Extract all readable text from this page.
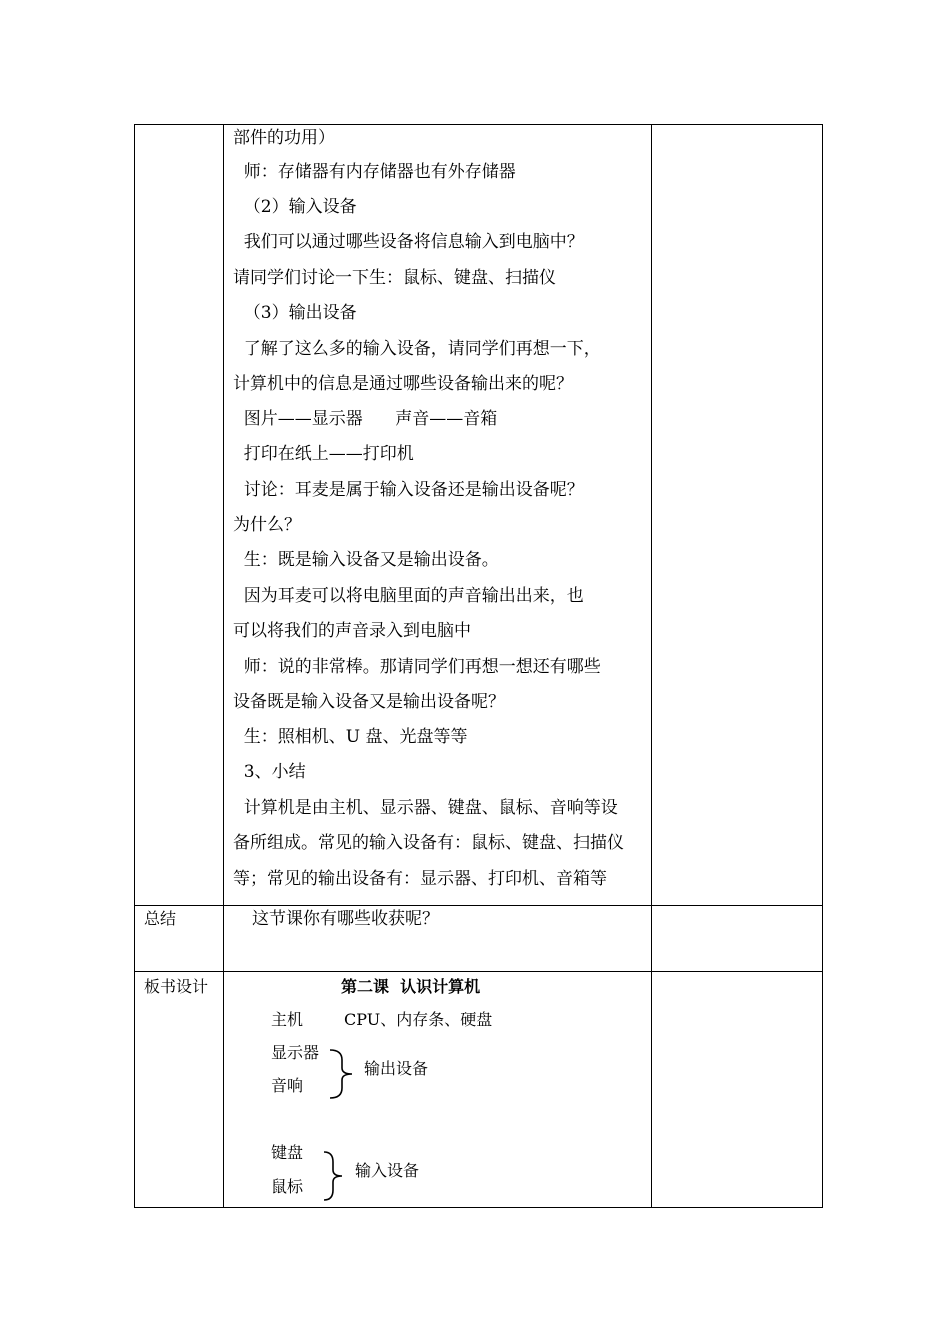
部件的功用）
师：存储器有内存储器也有外存储器
（2）输入设备
我们可以通过哪些设备将信息输入到电脑中？
请同学们讨论一下生：鼠标、键盘、扫描仪
（3）输出设备
了解了这么多的输入设备，请同学们再想一下，
计算机中的信息是通过哪些设备输出来的呢？
图片——显示器      声音——音箱
打印在纸上——打印机
讨论：耳麦是属于输入设备还是输出设备呢？
为什么？
生：既是输入设备又是输出设备。
因为耳麦可以将电脑里面的声音输出出来，也
可以将我们的声音录入到电脑中
师：说的非常棒。那请同学们再想一想还有哪些
设备既是输入设备又是输出设备呢？
生：照相机、U 盘、光盘等等
3、小结
计算机是由主机、显示器、键盘、鼠标、音响等设
备所组成。常见的输入设备有：鼠标、键盘、扫描仪
等；常见的输出设备有：显示器、打印机、音箱等
总结	这节课你有哪些收获呢？
板书设计	第二课  认识计算机
主机	CPU、内存条、硬盘
显示器
音响
输出设备
键盘
鼠标
输入设备
